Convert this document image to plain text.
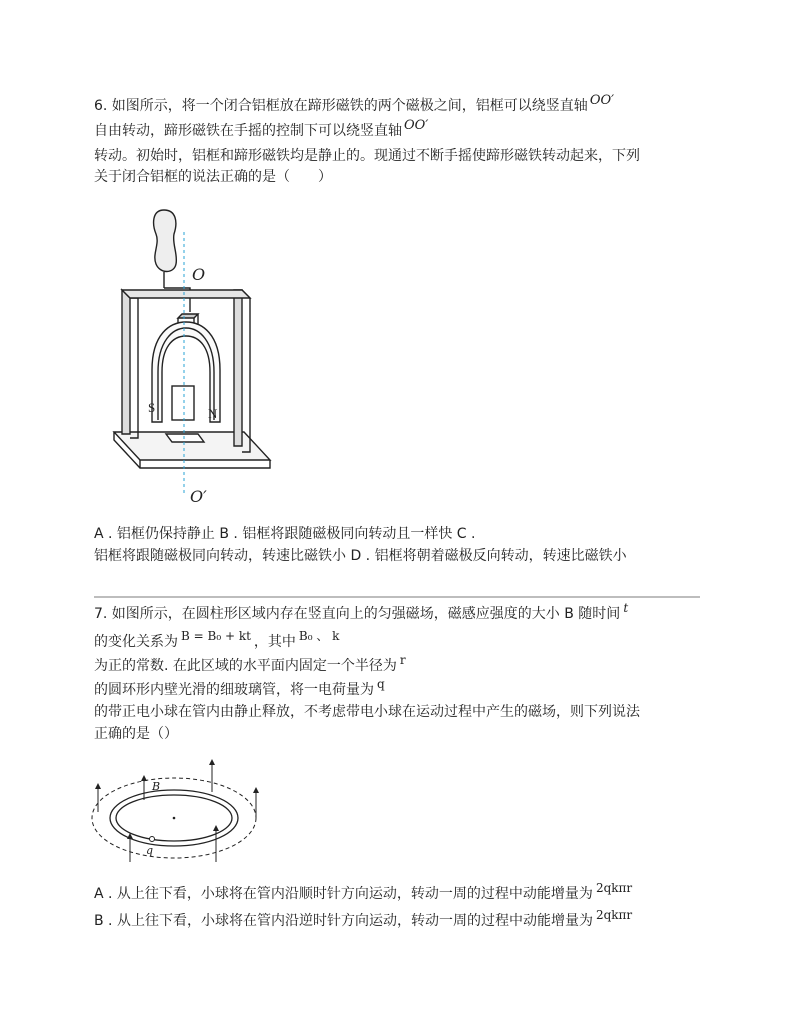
6. 如图所示，将一个闭合铝框放在蹄形磁铁的两个磁极之间，铝框可以绕竖直轴 OO′
自由转动，蹄形磁铁在手摇的控制下可以绕竖直轴 OO′
转动。初始时，铝框和蹄形磁铁均是静止的。现通过不断手摇使蹄形磁铁转动起来，下列
关于闭合铝框的说法正确的是（　　）
O
O′
S	N
A . 铝框仍保持静止 B . 铝框将跟随磁极同向转动且一样快 C .
铝框将跟随磁极同向转动，转速比磁铁小 D . 铝框将朝着磁极反向转动，转速比磁铁小
7. 如图所示，在圆柱形区域内存在竖直向上的匀强磁场，磁感应强度的大小 B 随时间 t
的变化关系为 B = B₀ + kt ，其中 B₀ 、 k
为正的常数. 在此区域的水平面内固定一个半径为 r
的圆环形内壁光滑的细玻璃管，将一电荷量为 q
的带正电小球在管内由静止释放，不考虑带电小球在运动过程中产生的磁场，则下列说法
正确的是（）
B
q
A . 从上往下看，小球将在管内沿顺时针方向运动，转动一周的过程中动能增量为 2qkπr
B . 从上往下看，小球将在管内沿逆时针方向运动，转动一周的过程中动能增量为 2qkπr
